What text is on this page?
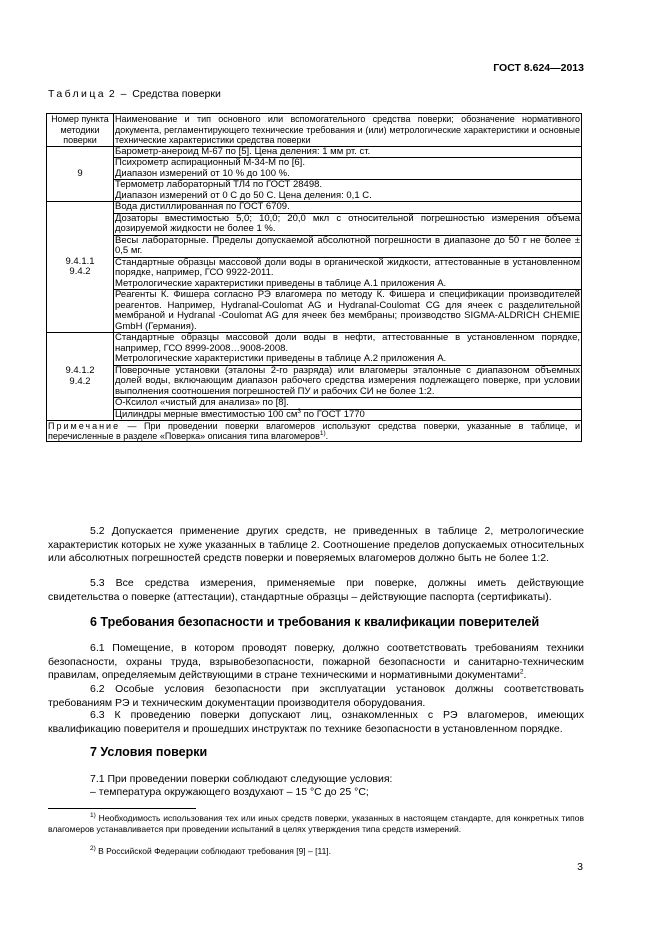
ГОСТ 8.624—2013
Таблица 2 – Средства поверки
Номер пункта методики поверки	Наименование и тип основного или вспомогательного средства поверки; обозначение нормативного документа, регламентирующего технические требования и (или) метрологические характеристики и основные технические характеристики средства поверки
9	Барометр-анероид М-67 по [5]. Цена деления: 1 мм рт. ст.
	Психрометр аспирационный М-34-М по [6].
Диапазон измерений от 10 % до 100 %.
	Термометр лабораторный ТЛ4 по ГОСТ 28498.
Диапазон измерений от 0 С до 50 С. Цена деления: 0,1 С.
9.4.1.1
9.4.2	Вода дистиллированная по ГОСТ 6709.
	Дозаторы вместимостью 5,0; 10,0; 20,0 мкл с относительной погрешностью измерения объема дозируемой жидкости не более 1 %.
	Весы лабораторные. Пределы допускаемой абсолютной погрешности в диапазоне до 50 г не более ± 0,5 мг.
	Стандартные образцы массовой доли воды в органической жидкости, аттестованные в установленном порядке, например, ГСО 9922-2011.
Метрологические характеристики приведены в таблице А.1 приложения А.
	Реагенты К. Фишера согласно РЭ влагомера по методу К. Фишера и спецификации производителей реагентов. Например, Hydranal-Coulomat AG и Hydranal-Coulomat CG для ячеек с разделительной мембраной и Hydranal -Coulomat AG для ячеек без мембраны; производство SIGMA-ALDRICH CHEMIE GmbH (Германия).
9.4.1.2
9.4.2	Стандартные образцы массовой доли воды в нефти, аттестованные в установленном порядке, например, ГСО 8999-2008…9008-2008.
Метрологические характеристики приведены в таблице А.2 приложения А.
	Поверочные установки (эталоны 2-го разряда) или влагомеры эталонные с диапазоном объемных долей воды, включающим диапазон рабочего средства измерения подлежащего поверке, при условии выполнения соотношения погрешностей ПУ и рабочих СИ не более 1:2.
	О-Ксилол «чистый для анализа» по [8].
	Цилиндры мерные вместимостью 100 $см^3$ по ГОСТ 1770
Примечание — При проведении поверки влагомеров используют средства поверки, указанные в таблице, и перечисленные в разделе «Поверка» описания типа влагомеров$^{1)}$.	
5.2 Допускается применение других средств, не приведенных в таблице 2, метрологические характеристик которых не хуже указанных в таблице 2. Соотношение пределов допускаемых относительных или абсолютных погрешностей средств поверки и поверяемых влагомеров должно быть не более 1:2.
5.3 Все средства измерения, применяемые при поверке, должны иметь действующие свидетельства о поверке (аттестации), стандартные образцы – действующие паспорта (сертификаты).
6 Требования безопасности и требования к квалификации поверителей
6.1 Помещение, в котором проводят поверку, должно соответствовать требованиям техники безопасности, охраны труда, взрывобезопасности, пожарной безопасности и санитарно-техническим правилам, определяемым действующими в стране техническими и нормативными документами$^2$.
6.2 Особые условия безопасности при эксплуатации установок должны соответствовать требованиям РЭ и техническим документации производителя оборудования.
6.3 К проведению поверки допускают лиц, ознакомленных с РЭ влагомеров, имеющих квалификацию поверителя и прошедших инструктаж по технике безопасности в установленном порядке.
7 Условия поверки
7.1 При проведении поверки соблюдают следующие условия:
– температура окружающего воздухают – 15 °С до 25 °С;
$^{1)}$ Необходимость использования тех или иных средств поверки, указанных в настоящем стандарте, для конкретных типов влагомеров устанавливается при проведении испытаний в целях утверждения типа средств измерений.
$^{2)}$ В Российской Федерации соблюдают требования [9] – [11].
3
